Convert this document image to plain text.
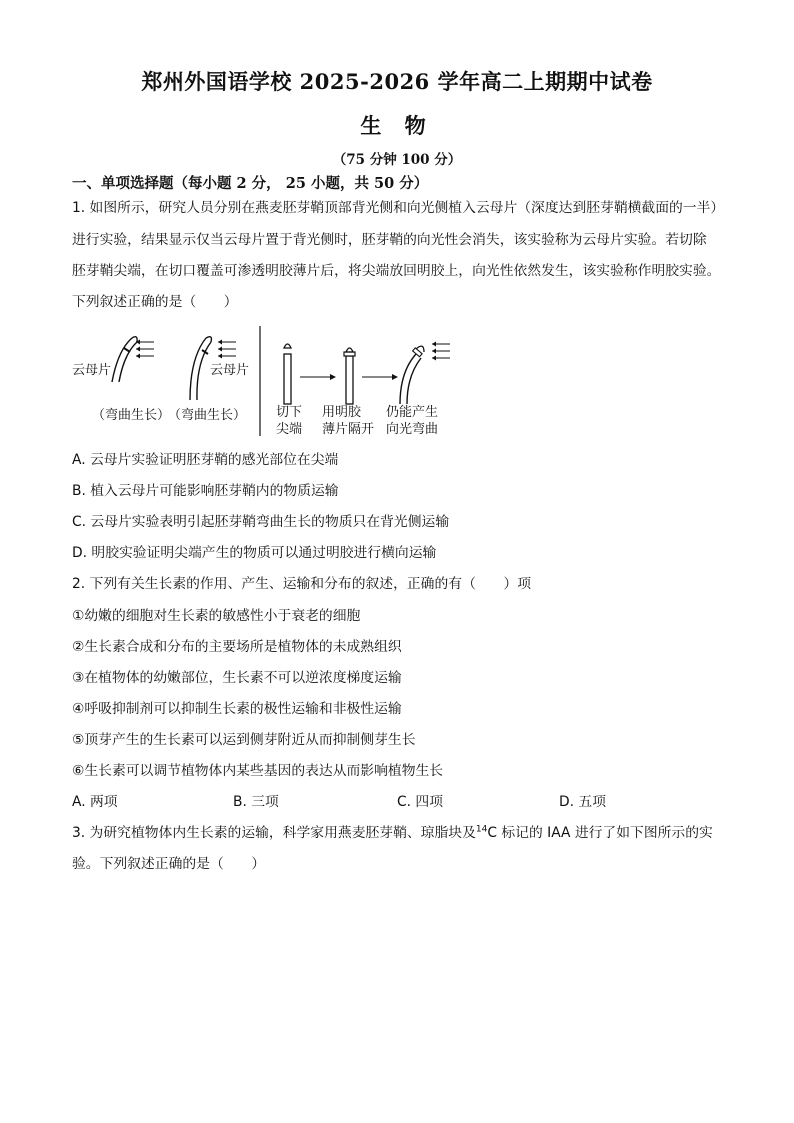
郑州外国语学校 2025-2026 学年高二上期期中试卷
生 物
（75 分钟 100 分）
一、单项选择题（每小题 2 分， 25 小题，共 50 分）
1. 如图所示，研究人员分别在燕麦胚芽鞘顶部背光侧和向光侧植入云母片（深度达到胚芽鞘横截面的一半）
进行实验，结果显示仅当云母片置于背光侧时，胚芽鞘的向光性会消失，该实验称为云母片实验。若切除
胚芽鞘尖端，在切口覆盖可渗透明胶薄片后，将尖端放回明胶上，向光性依然发生，该实验称作明胶实验。
下列叙述正确的是（　　）
云母片	云母片
（弯曲生长）
（弯曲生长） 切下
尖端
用明胶
薄片隔开
仍能产生
向光弯曲
A. 云母片实验证明胚芽鞘的感光部位在尖端
B. 植入云母片可能影响胚芽鞘内的物质运输
C. 云母片实验表明引起胚芽鞘弯曲生长的物质只在背光侧运输
D. 明胶实验证明尖端产生的物质可以通过明胶进行横向运输
2. 下列有关生长素的作用、产生、运输和分布的叙述，正确的有（　　）项
①幼嫩的细胞对生长素的敏感性小于衰老的细胞
②生长素合成和分布的主要场所是植物体的未成熟组织
③在植物体的幼嫩部位，生长素不可以逆浓度梯度运输
④呼吸抑制剂可以抑制生长素的极性运输和非极性运输
⑤顶芽产生的生长素可以运到侧芽附近从而抑制侧芽生长
⑥生长素可以调节植物体内某些基因的表达从而影响植物生长
A. 两项	B. 三项	C. 四项	D. 五项
3. 为研究植物体内生长素的运输，科学家用燕麦胚芽鞘、琼脂块及$^{14}$C 标记的 IAA 进行了如下图所示的实
验。下列叙述正确的是（　　）
